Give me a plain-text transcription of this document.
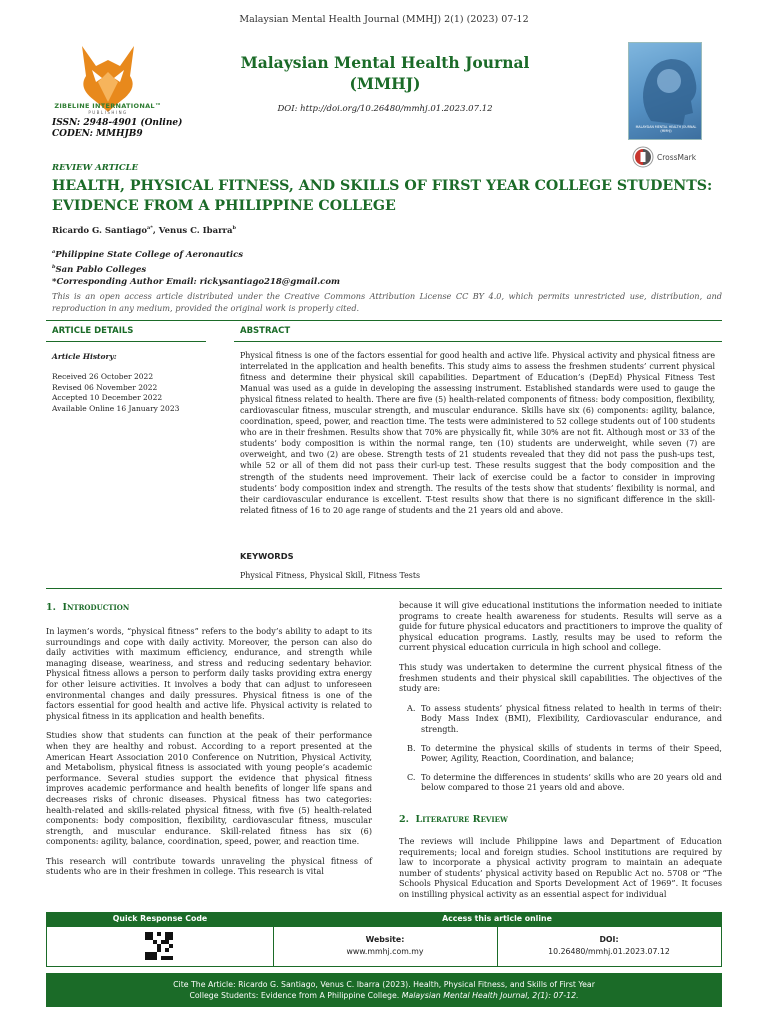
Malaysian Mental Health Journal (MMHJ) 2(1) (2023) 07-12
ZIBELINE INTERNATIONAL™
PUBLISHING
ISSN: 2948-4901 (Online)
CODEN: MMHJB9
Malaysian Mental Health Journal
(MMHJ)
DOI: http://doi.org/10.26480/mmhj.01.2023.07.12
MALAYSIAN MENTAL HEALTH JOURNAL (MMHJ)
CrossMark
REVIEW ARTICLE
HEALTH, PHYSICAL FITNESS, AND SKILLS OF FIRST YEAR COLLEGE STUDENTS: EVIDENCE FROM A PHILIPPINE COLLEGE
Ricardo G. Santiago$^{a*}$, Venus C. Ibarra$^b$
$^a$Philippine State College of Aeronautics
$^b$San Pablo Colleges
*Corresponding Author Email: rickysantiago218@gmail.com
This is an open access article distributed under the Creative Commons Attribution License CC BY 4.0, which permits unrestricted use, distribution, and reproduction in any medium, provided the original work is properly cited.
ARTICLE DETAILS	ABSTRACT
Article History:
Received 26 October 2022
Revised 06 November 2022
Accepted 10 December 2022
Available Online 16 January 2023
Physical fitness is one of the factors essential for good health and active life. Physical activity and physical fitness are interrelated in the application and health benefits. This study aims to assess the freshmen students’ current physical fitness and determine their physical skill capabilities. Department of Education’s (DepEd) Physical Fitness Test Manual was used as a guide in developing the assessing instrument. Established standards were used to gauge the physical fitness related to health. There are five (5) health-related components of fitness: body composition, flexibility, cardiovascular fitness, muscular strength, and muscular endurance. Skills have six (6) components: agility, balance, coordination, speed, power, and reaction time. The tests were administered to 52 college students out of 100 students who are in their freshmen. Results show that 70% are physically fit, while 30% are not fit. Although most or 33 of the students’ body composition is within the normal range, ten (10) students are underweight, while seven (7) are overweight, and two (2) are obese. Strength tests of 21 students revealed that they did not pass the push-ups test, while 52 or all of them did not pass their curl-up test. These results suggest that the body composition and the strength of the students need improvement. Their lack of exercise could be a factor to consider in improving students’ body composition index and strength. The results of the tests show that students’ flexibility is normal, and their cardiovascular endurance is excellent. T-test results show that there is no significant difference in the skill-related fitness of 16 to 20 age range of students and the 21 years old and above.
KEYWORDS
Physical Fitness, Physical Skill, Fitness Tests
1. Introduction

In laymen’s words, “physical fitness” refers to the body’s ability to adapt to its surroundings and cope with daily activity. Moreover, the person can also do daily activities with maximum efficiency, endurance, and strength while managing disease, weariness, and stress and reducing sedentary behavior. Physical fitness allows a person to perform daily tasks providing extra energy for other leisure activities. It involves a body that can adjust to unforeseen environmental changes and daily pressures. Physical fitness is one of the factors essential for good health and active life. Physical activity is related to physical fitness in its application and health benefits.

Studies show that students can function at the peak of their performance when they are healthy and robust. According to a report presented at the American Heart Association 2010 Conference on Nutrition, Physical Activity, and Metabolism, physical fitness is associated with young people’s academic performance. Several studies support the evidence that physical fitness improves academic performance and health benefits of longer life spans and decreases risks of chronic diseases. Physical fitness has two categories: health-related and skills-related physical fitness, with five (5) health-related components: body composition, flexibility, cardiovascular fitness, muscular strength, and muscular endurance. Skill-related fitness has six (6) components: agility, balance, coordination, speed, power, and reaction time.

This research will contribute towards unraveling the physical fitness of students who are in their freshmen in college. This research is vital

because it will give educational institutions the information needed to initiate programs to create health awareness for students. Results will serve as a guide for future physical educators and practitioners to improve the quality of physical education programs. Lastly, results may be used to reform the current physical education curricula in high school and college.

This study was undertaken to determine the current physical fitness of the freshmen students and their physical skill capabilities. The objectives of the study are:

A. To assess students’ physical fitness related to health in terms of their: Body Mass Index (BMI), Flexibility, Cardiovascular endurance, and strength.
B. To determine the physical skills of students in terms of their Speed, Power, Agility, Reaction, Coordination, and balance;
C. To determine the differences in students’ skills who are 20 years old and below compared to those 21 years old and above.
2. Literature Review

The reviews will include Philippine laws and Department of Education requirements; local and foreign studies. School institutions are required by law to incorporate a physical activity program to maintain an adequate number of students’ physical activity based on Republic Act no. 5708 or “The Schools Physical Education and Sports Development Act of 1969”. It focuses on instilling physical activity as an essential aspect for individual

Quick Response Code	Access this article online
Website:
www.mmhj.com.my
DOI:
10.26480/mmhj.01.2023.07.12
Cite The Article: Ricardo G. Santiago, Venus C. Ibarra (2023). Health, Physical Fitness, and Skills of First Year
College Students: Evidence from A Philippine College. Malaysian Mental Health Journal, 2(1): 07-12.
